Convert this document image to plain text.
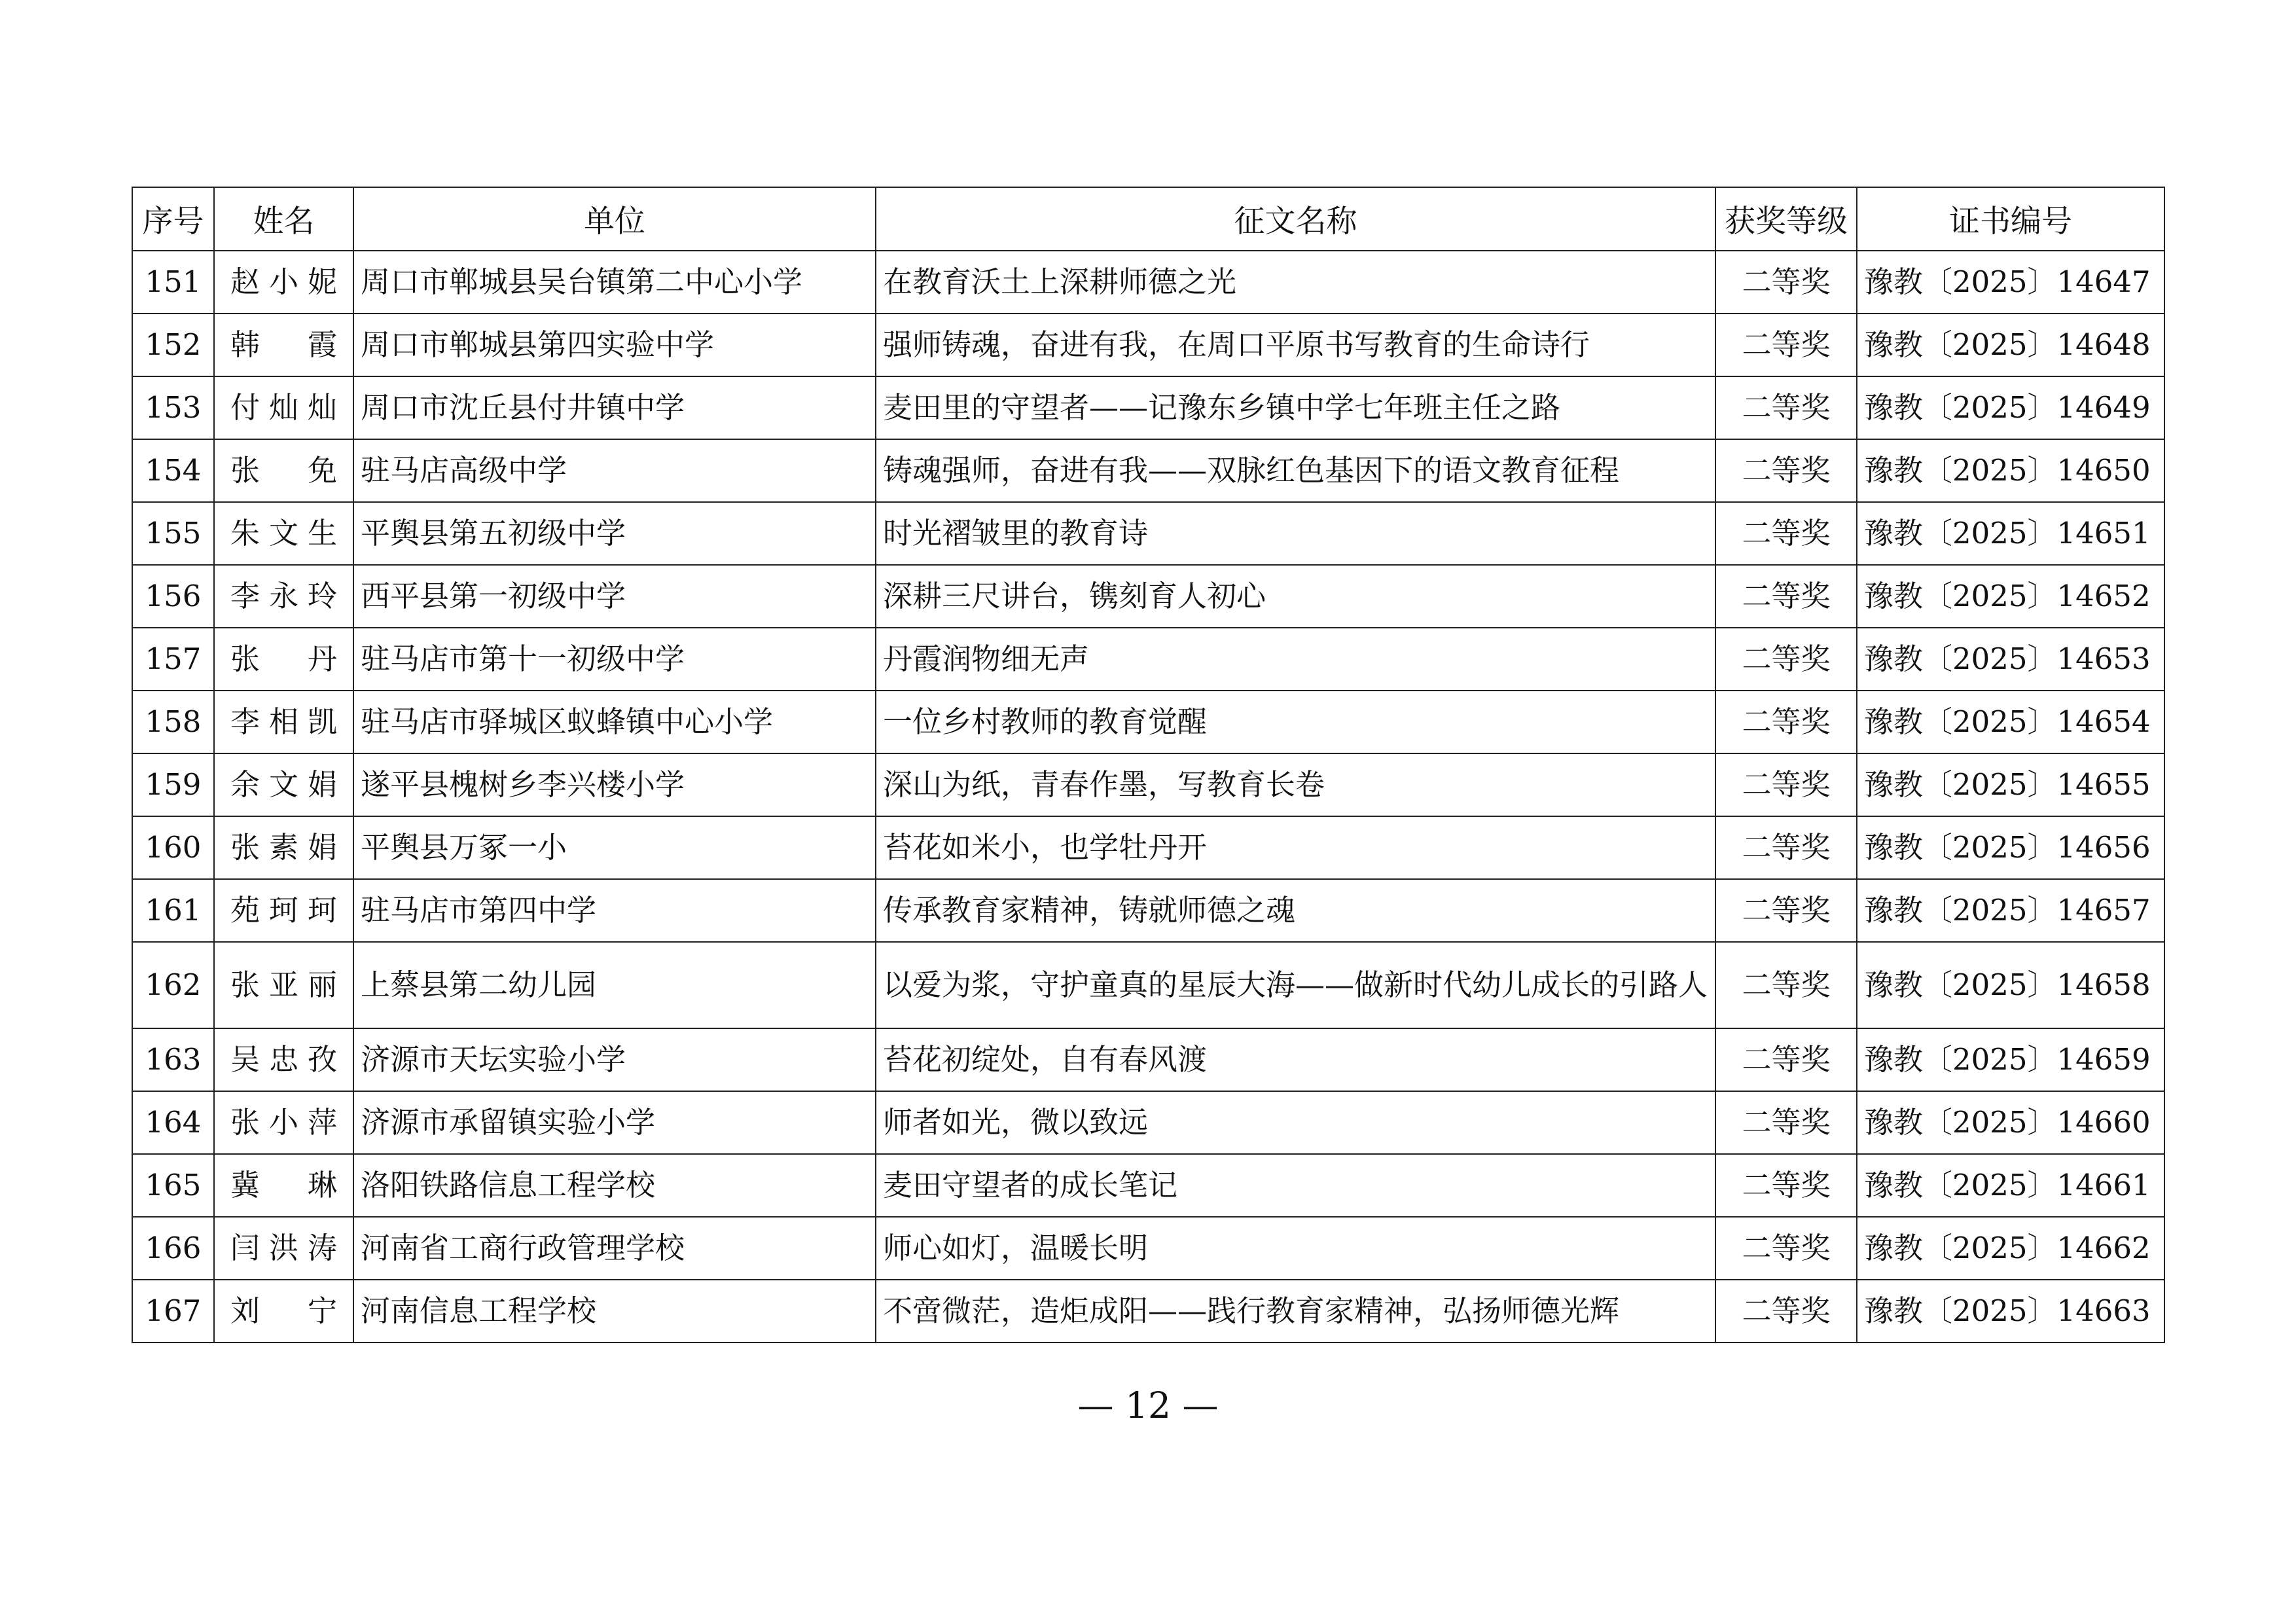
序号	姓名	单位	征文名称	获奖等级	证书编号
151	赵小妮	周口市郸城县吴台镇第二中心小学	在教育沃土上深耕师德之光	二等奖	豫教〔2025〕14647
152	韩霞	周口市郸城县第四实验中学	强师铸魂，奋进有我，在周口平原书写教育的生命诗行	二等奖	豫教〔2025〕14648
153	付灿灿	周口市沈丘县付井镇中学	麦田里的守望者——记豫东乡镇中学七年班主任之路	二等奖	豫教〔2025〕14649
154	张免	驻马店高级中学	铸魂强师，奋进有我——双脉红色基因下的语文教育征程	二等奖	豫教〔2025〕14650
155	朱文生	平舆县第五初级中学	时光褶皱里的教育诗	二等奖	豫教〔2025〕14651
156	李永玲	西平县第一初级中学	深耕三尺讲台，镌刻育人初心	二等奖	豫教〔2025〕14652
157	张丹	驻马店市第十一初级中学	丹霞润物细无声	二等奖	豫教〔2025〕14653
158	李相凯	驻马店市驿城区蚁蜂镇中心小学	一位乡村教师的教育觉醒	二等奖	豫教〔2025〕14654
159	余文娟	遂平县槐树乡李兴楼小学	深山为纸，青春作墨，写教育长卷	二等奖	豫教〔2025〕14655
160	张素娟	平舆县万冢一小	苔花如米小，也学牡丹开	二等奖	豫教〔2025〕14656
161	苑珂珂	驻马店市第四中学	传承教育家精神，铸就师德之魂	二等奖	豫教〔2025〕14657
162	张亚丽	上蔡县第二幼儿园	以爱为浆，守护童真的星辰大海——做新时代幼儿成长的引路人	二等奖	豫教〔2025〕14658
163	吴忠孜	济源市天坛实验小学	苔花初绽处，自有春风渡	二等奖	豫教〔2025〕14659
164	张小萍	济源市承留镇实验小学	师者如光，微以致远	二等奖	豫教〔2025〕14660
165	冀琳	洛阳铁路信息工程学校	麦田守望者的成长笔记	二等奖	豫教〔2025〕14661
166	闫洪涛	河南省工商行政管理学校	师心如灯，温暖长明	二等奖	豫教〔2025〕14662
167	刘宁	河南信息工程学校	不啻微茫，造炬成阳——践行教育家精神，弘扬师德光辉	二等奖	豫教〔2025〕14663
— 12 —
